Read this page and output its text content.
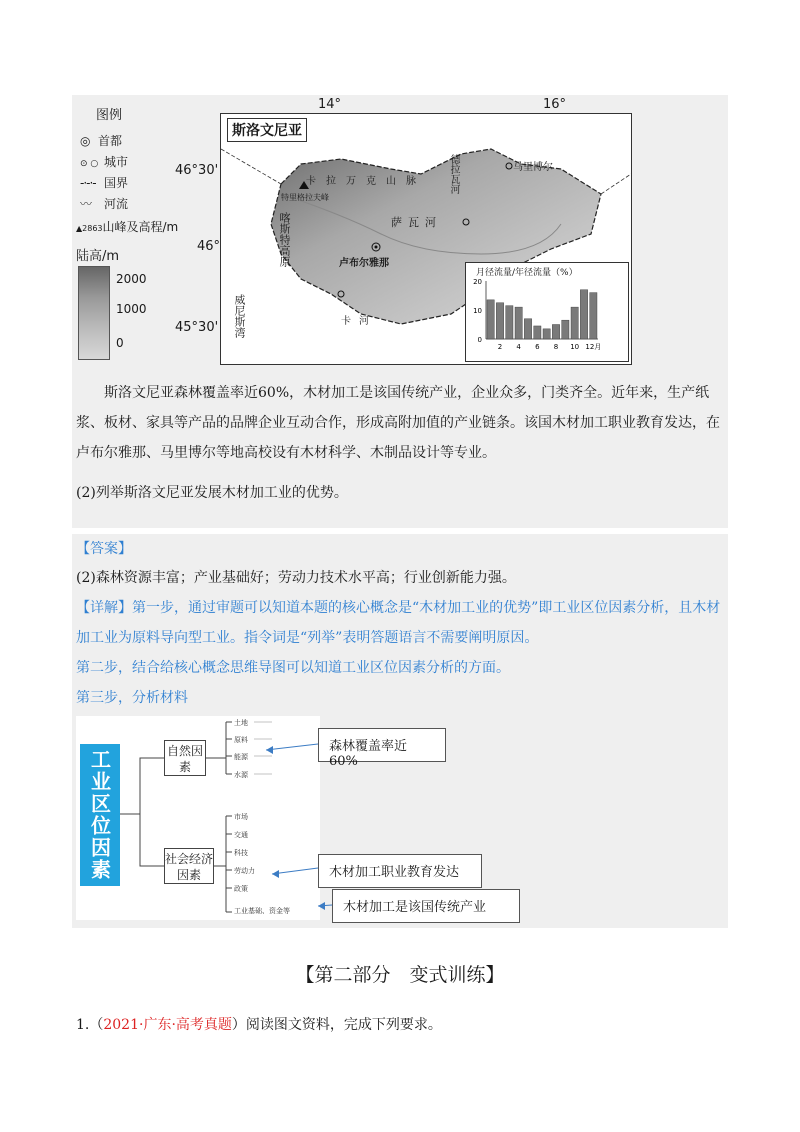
图例
◎ 首都
⊙ ○ 城市
-·-·- 国界
〰 河流
▲2863山峰及高程/m
陆高/m
2000
1000
0
14°	16°
46°30'
46°
45°30'
斯洛文尼亚
特里格拉夫峰
卡拉万克山脉
喀斯特高原	萨瓦河
卢布尔雅那
马里博尔
德拉瓦河
威尼斯湾	卡河
月径流量/年径流量（%）
0
10
20
2 4 6 8 10 12月
斯洛文尼亚森林覆盖率近60%，木材加工是该国传统产业，企业众多，门类齐全。近年来，生产纸浆、板材、家具等产品的品牌企业互动合作，形成高附加值的产业链条。该国木材加工职业教育发达，在卢布尔雅那、马里博尔等地高校设有木材科学、木制品设计等专业。
(2)列举斯洛文尼亚发展木材加工业的优势。
【答案】
(2)森林资源丰富；产业基础好；劳动力技术水平高；行业创新能力强。
【详解】第一步，通过审题可以知道本题的核心概念是“木材加工业的优势”即工业区位因素分析，且木材加工业为原料导向型工业。指令词是“列举”表明答题语言不需要阐明原因。
第二步，结合给核心概念思维导图可以知道工业区位因素分析的方面。
第三步，分析材料
工业区位因素	自然因素
社会经济因素
土地
原料
能源
水源
市场
交通
科技
劳动力
政策
工业基础、资金等
森林覆盖率近60%
木材加工职业教育发达
木材加工是该国传统产业
【第二部分　变式训练】
1.（2021·广东·高考真题）阅读图文资料，完成下列要求。
